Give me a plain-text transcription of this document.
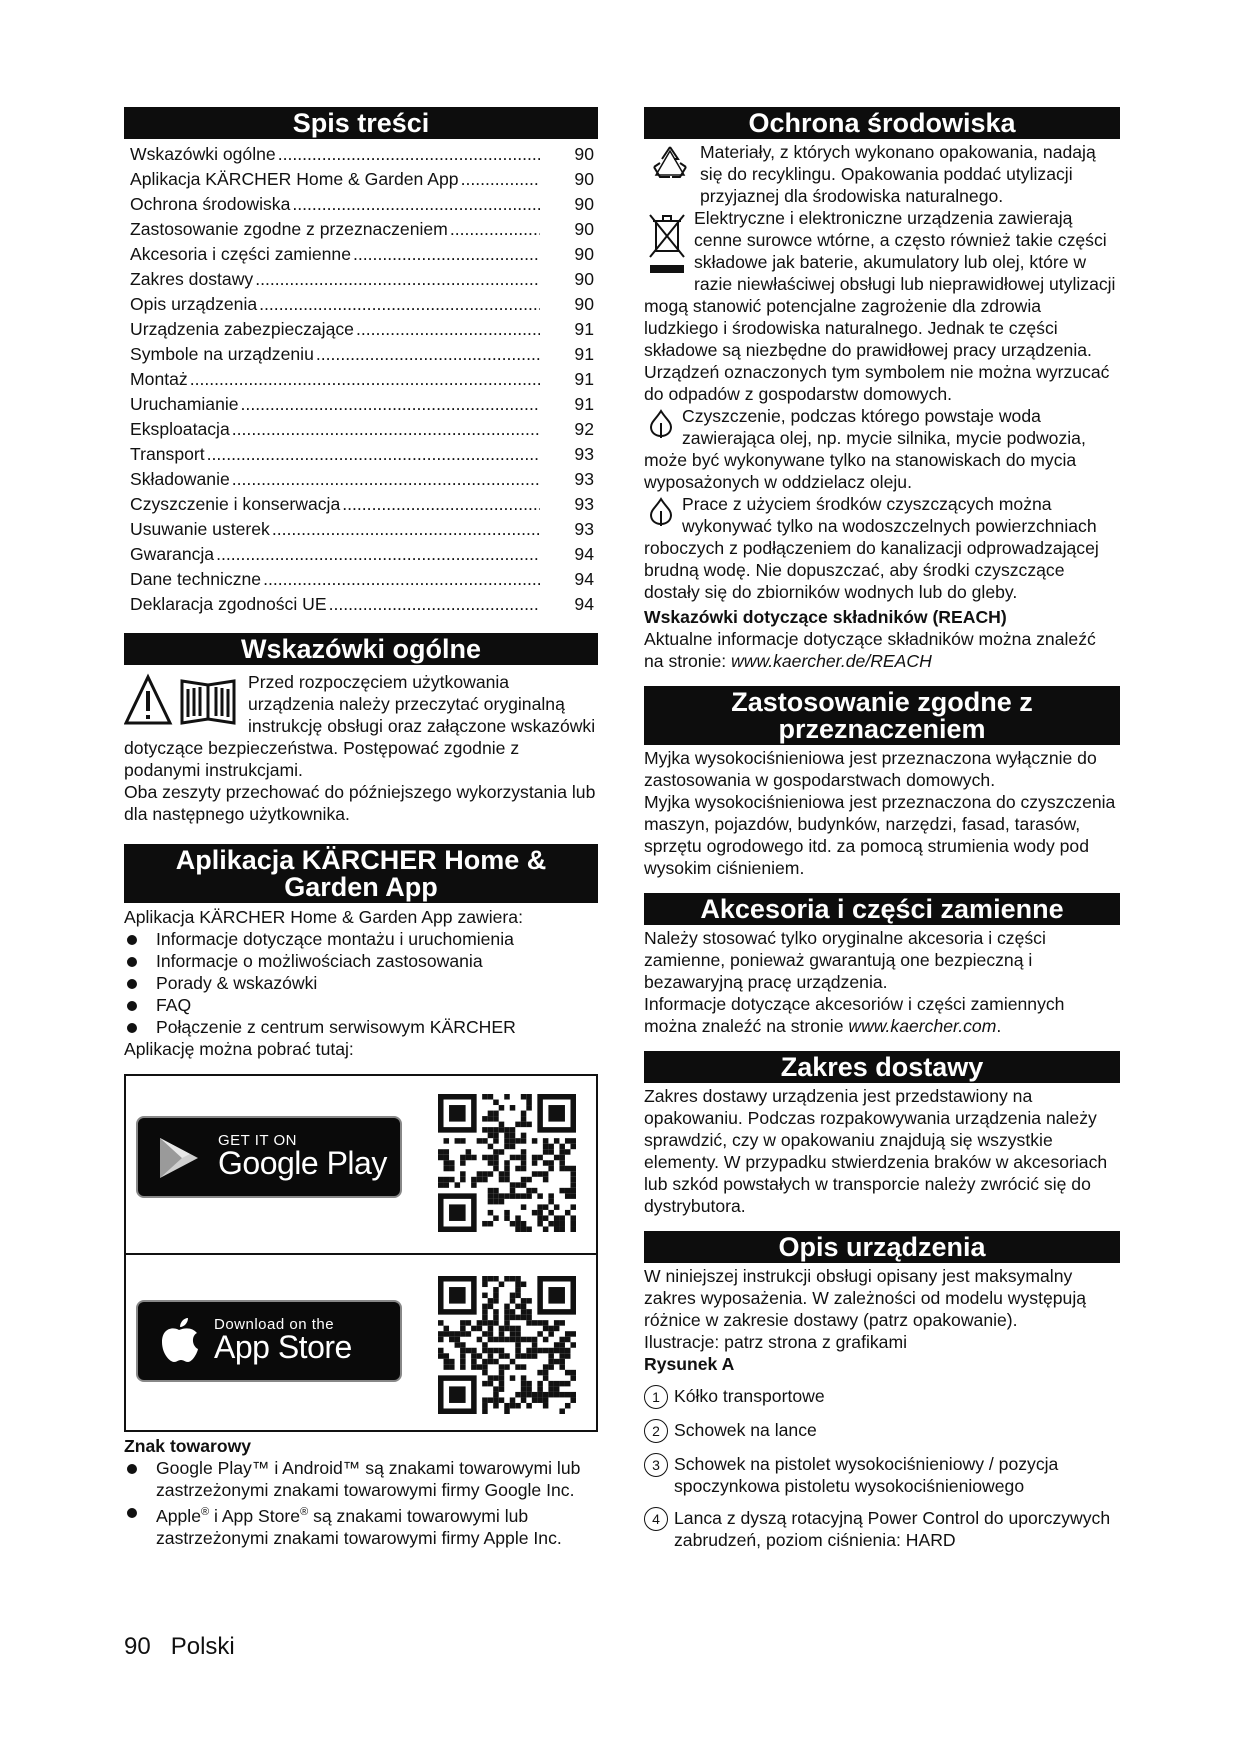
Spis treści
Wskazówki ogólne .....	90
Aplikacja KÄRCHER Home & Garden App .....	90
Ochrona środowiska .....	90
Zastosowanie zgodne z przeznaczeniem .....	90
Akcesoria i części zamienne .....	90
Zakres dostawy .....	90
Opis urządzenia .....	90
Urządzenia zabezpieczające .....	91
Symbole na urządzeniu .....	91
Montaż .....	91
Uruchamianie .....	91
Eksploatacja .....	92
Transport .....	93
Składowanie .....	93
Czyszczenie i konserwacja .....	93
Usuwanie usterek .....	93
Gwarancja .....	94
Dane techniczne .....	94
Deklaracja zgodności UE .....	94
Wskazówki ogólne

Przed rozpoczęciem użytkowania urządzenia należy przeczytać oryginalną instrukcję obsługi oraz załączone wskazówki dotyczące bezpieczeństwa. Postępować zgodnie z podanymi instrukcjami.

Oba zeszyty przechować do późniejszego wykorzystania lub dla następnego użytkownika.

Aplikacja KÄRCHER Home & Garden App

Aplikacja KÄRCHER Home & Garden App zawiera:

Informacje dotyczące montażu i uruchomienia
Informacje o możliwościach zastosowania
Porady & wskazówki
FAQ
Połączenie z centrum serwisowym KÄRCHER

Aplikację można pobrać tutaj:

GET IT ON
Google Play
Download on the
App Store

Znak towarowy

Google Play™ i Android™ są znakami towarowymi lub zastrzeżonymi znakami towarowymi firmy Google Inc.
Apple® i App Store® są znakami towarowymi lub zastrzeżonymi znakami towarowymi firmy Apple Inc.
Ochrona środowiska

Materiały, z których wykonano opakowania, nadają się do recyklingu. Opakowania poddać utylizacji przyjaznej dla środowiska naturalnego.

Elektryczne i elektroniczne urządzenia zawierają cenne surowce wtórne, a często również takie części składowe jak baterie, akumulatory lub olej, które w razie niewłaściwej obsługi lub nieprawidłowej utylizacji mogą stanowić potencjalne zagrożenie dla zdrowia ludzkiego i środowiska naturalnego. Jednak te części składowe są niezbędne do prawidłowej pracy urządzenia. Urządzeń oznaczonych tym symbolem nie można wyrzucać do odpadów z gospodarstw domowych.

Czyszczenie, podczas którego powstaje woda zawierająca olej, np. mycie silnika, mycie podwozia, może być wykonywane tylko na stanowiskach do mycia wyposażonych w oddzielacz oleju.

Prace z użyciem środków czyszczących można wykonywać tylko na wodoszczelnych powierzchniach roboczych z podłączeniem do kanalizacji odprowadzającej brudną wodę. Nie dopuszczać, aby środki czyszczące dostały się do zbiorników wodnych lub do gleby.

Wskazówki dotyczące składników (REACH)

Aktualne informacje dotyczące składników można znaleźć na stronie: www.kaercher.de/REACH

Zastosowanie zgodne z przeznaczeniem

Myjka wysokociśnieniowa jest przeznaczona wyłącznie do zastosowania w gospodarstwach domowych.

Myjka wysokociśnieniowa jest przeznaczona do czyszczenia maszyn, pojazdów, budynków, narzędzi, fasad, tarasów, sprzętu ogrodowego itd. za pomocą strumienia wody pod wysokim ciśnieniem.

Akcesoria i części zamienne

Należy stosować tylko oryginalne akcesoria i części zamienne, ponieważ gwarantują one bezpieczną i bezawaryjną pracę urządzenia.

Informacje dotyczące akcesoriów i części zamiennych można znaleźć na stronie www.kaercher.com.

Zakres dostawy

Zakres dostawy urządzenia jest przedstawiony na opakowaniu. Podczas rozpakowywania urządzenia należy sprawdzić, czy w opakowaniu znajdują się wszystkie elementy. W przypadku stwierdzenia braków w akcesoriach lub szkód powstałych w transporcie należy zwrócić się do dystrybutora.

Opis urządzenia

W niniejszej instrukcji obsługi opisany jest maksymalny zakres wyposażenia. W zależności od modelu występują różnice w zakresie dostawy (patrz opakowanie).

Ilustracje: patrz strona z grafikami

Rysunek A

1 Kółko transportowe
2 Schowek na lance
3 Schowek na pistolet wysokociśnieniowy / pozycja spoczynkowa pistoletu wysokociśnieniowego
4 Lanca z dyszą rotacyjną Power Control do uporczywych zabrudzeń, poziom ciśnienia: HARD
90 Polski
